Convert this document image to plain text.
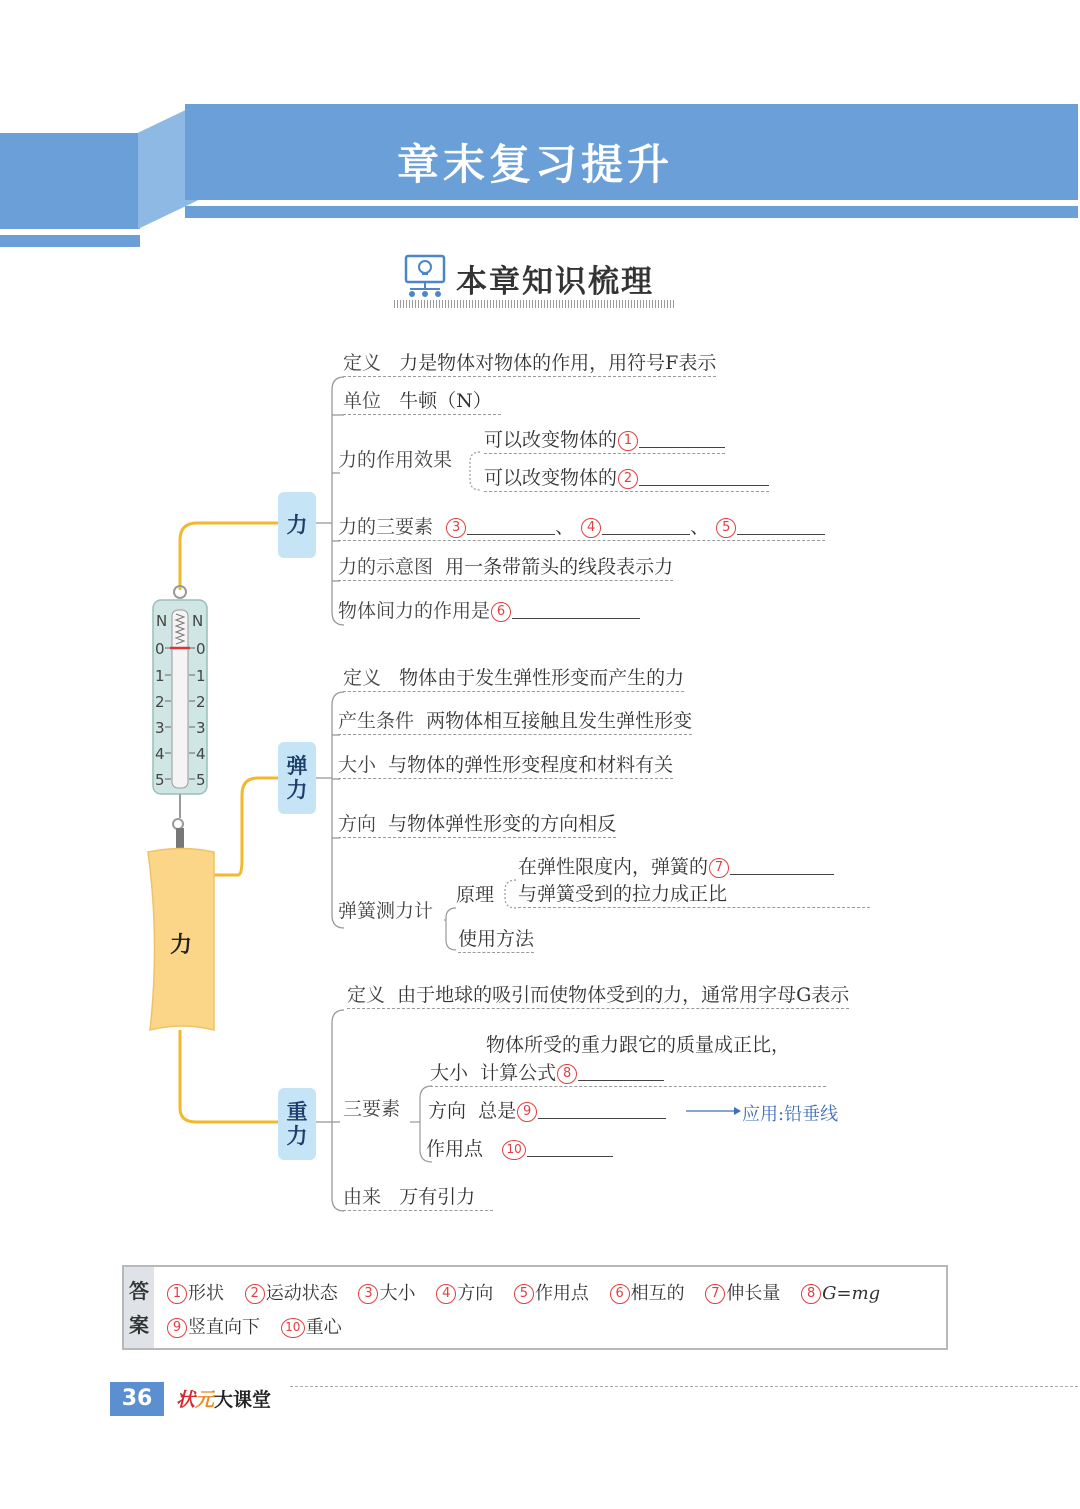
章末复习提升
本章知识梳理
N N
0 0
1 1
2 2
3 3
4 4
5 5
力
力
弹
力
重
力
定义 力是物体对物体的作用，用符号F表示
单位 牛顿（N）
力的作用效果
可以改变物体的 1
可以改变物体的 2
力的三要素 3	、 4	、 5
力的示意图 用一条带箭头的线段表示力
物体间力的作用是 6
定义 物体由于发生弹性形变而产生的力
产生条件 两物体相互接触且发生弹性形变
大小 与物体的弹性形变程度和材料有关
方向 与物体弹性形变的方向相反
弹簧测力计
原理
在弹性限度内，弹簧的 7
与弹簧受到的拉力成正比
使用方法
定义 由于地球的吸引而使物体受到的力，通常用字母G表示
三要素
物体所受的重力跟它的质量成正比，
大小 计算公式 8
方向 总是 9	应用:铅垂线
作用点 10
由来 万有引力
答
案
1 形状 2 运动状态 3 大小 4 方向 5 作用点 6 相互的 7 伸长量 8 G=mg
9 竖直向下 10 重心
36	状元大课堂
